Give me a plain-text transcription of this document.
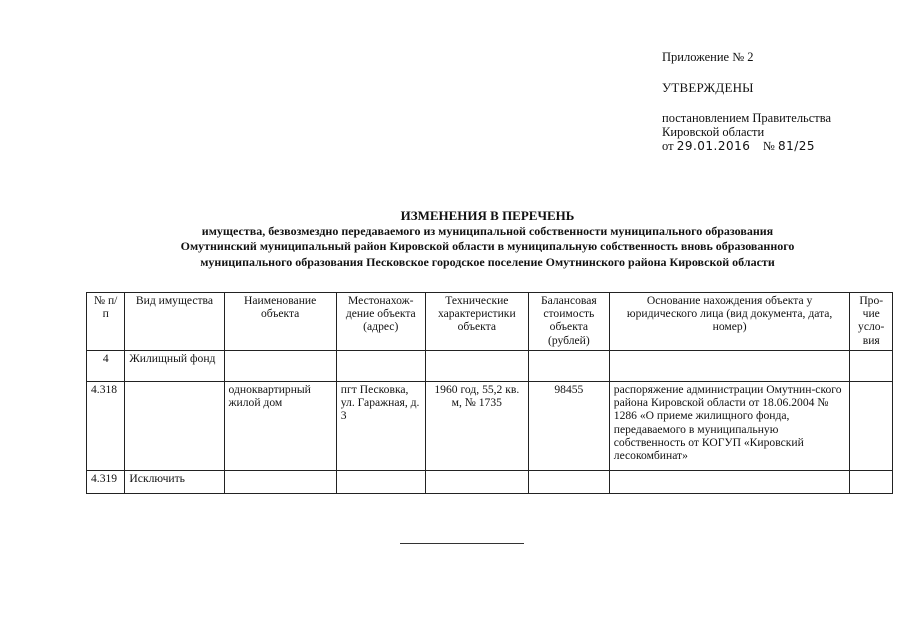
Приложение № 2
УТВЕРЖДЕНЫ
постановлением Правительства
Кировской области
от 29.01.2016 № 81/25
ИЗМЕНЕНИЯ В ПЕРЕЧЕНЬ
имущества, безвозмездно передаваемого из муниципальной собственности муниципального образования
Омутнинский муниципальный район Кировской области в муниципальную собственность вновь образованного
муниципального образования Песковское городское поселение Омутнинского района Кировской области
№ п/п	Вид имущества	Наименование объекта	Местонахож-дение объекта (адрес)	Технические характеристики объекта	Балансовая стоимость объекта (рублей)	Основание нахождения объекта у юридического лица (вид документа, дата, номер)	Про-чие усло-вия
4	Жилищный фонд						
4.318		одноквартирный жилой дом	пгт Песковка, ул. Гаражная, д. 3	1960 год, 55,2 кв. м, № 1735	98455	распоряжение администрации Омутнин-ского района Кировской области от 18.06.2004 № 1286 «О приеме жилищного фонда, передаваемого в муниципальную собственность от КОГУП «Кировский лесокомбинат»	
4.319	Исключить						
